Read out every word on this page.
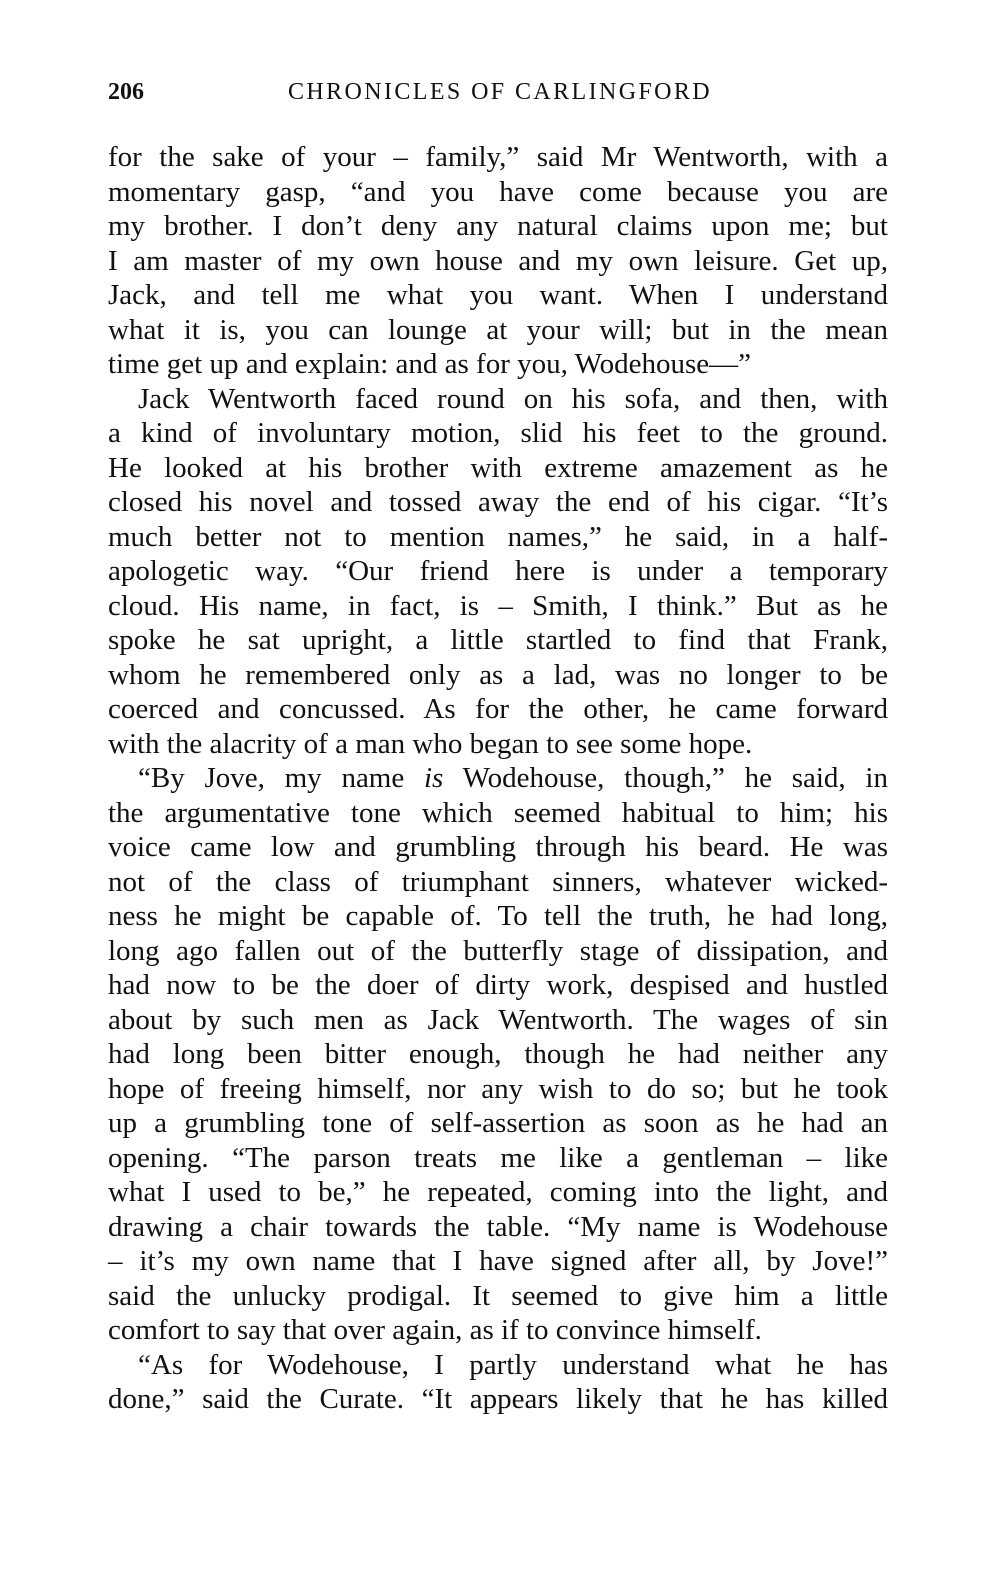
206	CHRONICLES OF CARLINGFORD
for the sake of your – family,” said Mr Wentworth, with a
momentary gasp, “and you have come because you are
my brother. I don’t deny any natural claims upon me; but
I am master of my own house and my own leisure. Get up,
Jack, and tell me what you want. When I understand
what it is, you can lounge at your will; but in the mean
time get up and explain: and as for you, Wodehouse—”
Jack Wentworth faced round on his sofa, and then, with
a kind of involuntary motion, slid his feet to the ground.
He looked at his brother with extreme amazement as he
closed his novel and tossed away the end of his cigar. “It’s
much better not to mention names,” he said, in a half-
apologetic way. “Our friend here is under a temporary
cloud. His name, in fact, is – Smith, I think.” But as he
spoke he sat upright, a little startled to find that Frank,
whom he remembered only as a lad, was no longer to be
coerced and concussed. As for the other, he came forward
with the alacrity of a man who began to see some hope.
“By Jove, my name is Wodehouse, though,” he said, in
the argumentative tone which seemed habitual to him; his
voice came low and grumbling through his beard. He was
not of the class of triumphant sinners, whatever wicked-
ness he might be capable of. To tell the truth, he had long,
long ago fallen out of the butterfly stage of dissipation, and
had now to be the doer of dirty work, despised and hustled
about by such men as Jack Wentworth. The wages of sin
had long been bitter enough, though he had neither any
hope of freeing himself, nor any wish to do so; but he took
up a grumbling tone of self-assertion as soon as he had an
opening. “The parson treats me like a gentleman – like
what I used to be,” he repeated, coming into the light, and
drawing a chair towards the table. “My name is Wodehouse
– it’s my own name that I have signed after all, by Jove!”
said the unlucky prodigal. It seemed to give him a little
comfort to say that over again, as if to convince himself.
“As for Wodehouse, I partly understand what he has
done,” said the Curate. “It appears likely that he has killed
